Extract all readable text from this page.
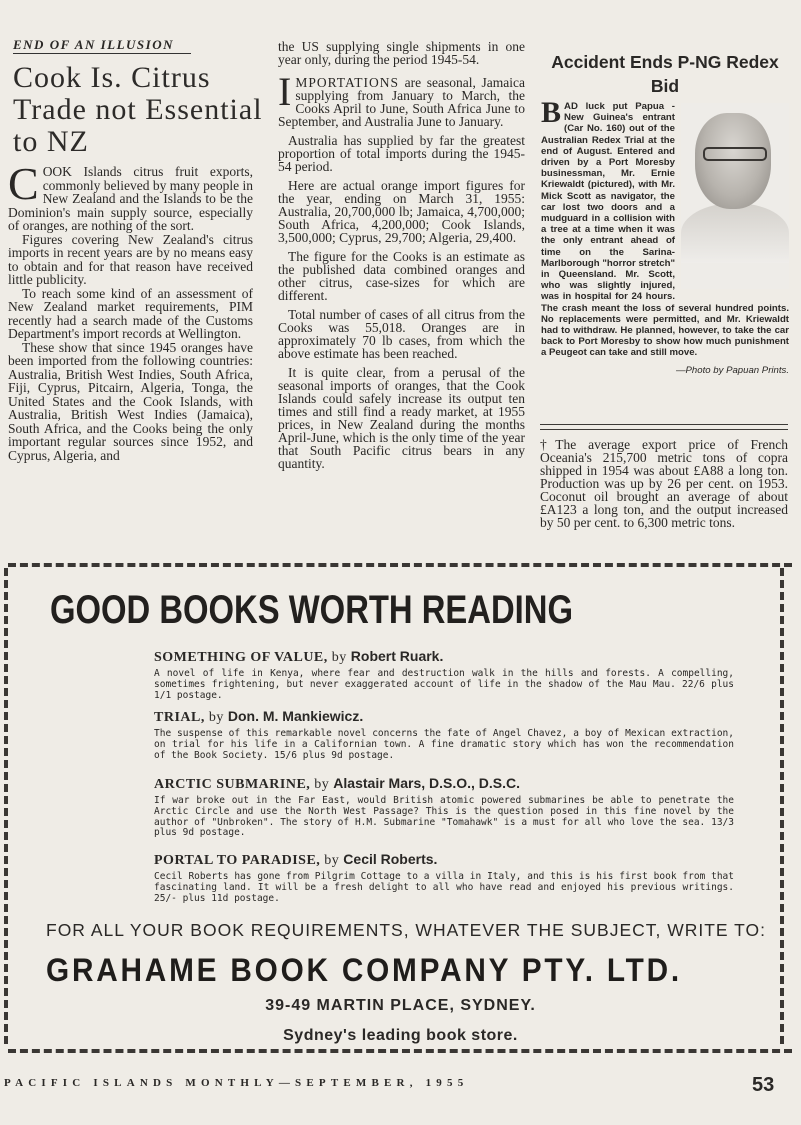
END OF AN ILLUSION
Cook Is. Citrus Trade not Essential to NZ

COOK Islands citrus fruit exports, commonly believed by many people in New Zealand and the Islands to be the Dominion's main supply source, especially of oranges, are nothing of the sort.

Figures covering New Zealand's citrus imports in recent years are by no means easy to obtain and for that reason have received little publicity.

To reach some kind of an assessment of New Zealand market requirements, PIM recently had a search made of the Customs Department's import records at Wellington.

These show that since 1945 oranges have been imported from the following countries: Australia, British West Indies, South Africa, Fiji, Cyprus, Pitcairn, Algeria, Tonga, the United States and the Cook Islands, with Australia, British West Indies (Jamaica), South Africa, and the Cooks being the only important regular sources since 1952, and Cyprus, Algeria, and

the US supplying single shipments in one year only, during the period 1945-54.

IMPORTATIONS are seasonal, Jamaica supplying from January to March, the Cooks April to June, South Africa June to September, and Australia June to January.

Australia has supplied by far the greatest proportion of total imports during the 1945-54 period.

Here are actual orange import figures for the year, ending on March 31, 1955: Australia, 20,700,000 lb; Jamaica, 4,700,000; South Africa, 4,200,000; Cook Islands, 3,500,000; Cyprus, 29,700; Algeria, 29,400.

The figure for the Cooks is an estimate as the published data combined oranges and other citrus, case-sizes for which are different.

Total number of cases of all citrus from the Cooks was 55,018. Oranges are in approximately 70 lb cases, from which the above estimate has been reached.

It is quite clear, from a perusal of the seasonal imports of oranges, that the Cook Islands could safely increase its output ten times and still find a ready market, at 1955 prices, in New Zealand during the months April-June, which is the only time of the year that South Pacific citrus bears in any quantity.

Accident Ends P-NG Redex Bid
BAD luck put Papua - New Guinea's entrant (Car No. 160) out of the Australian Redex Trial at the end of August. Entered and driven by a Port Moresby businessman, Mr. Ernie Kriewaldt (pictured), with Mr. Mick Scott as navigator, the car lost two doors and a mudguard in a collision with a tree at a time when it was the only entrant ahead of time on the Sarina-Marlborough "horror stretch" in Queensland. Mr. Scott, who was slightly injured, was in hospital for 24 hours. The crash meant the loss of several hundred points. No replacements were permitted, and Mr. Kriewaldt had to withdraw. He planned, however, to take the car back to Port Moresby to show how much punishment a Peugeot can take and still move.
—Photo by Papuan Prints.
†The average export price of French Oceania's 215,700 metric tons of copra shipped in 1954 was about £A88 a long ton. Production was up by 26 per cent. on 1953. Coconut oil brought an average of about £A123 a long ton, and the output increased by 50 per cent. to 6,300 metric tons.
GOOD BOOKS WORTH READING
SOMETHING OF VALUE, by Robert Ruark.
A novel of life in Kenya, where fear and destruction walk in the hills and forests. A compelling, sometimes frightening, but never exaggerated account of life in the shadow of the Mau Mau. 22/6 plus 1/1 postage.
TRIAL, by Don. M. Mankiewicz.
The suspense of this remarkable novel concerns the fate of Angel Chavez, a boy of Mexican extraction, on trial for his life in a Californian town. A fine dramatic story which has won the recommendation of the Book Society. 15/6 plus 9d postage.
ARCTIC SUBMARINE, by Alastair Mars, D.S.O., D.S.C.
If war broke out in the Far East, would British atomic powered submarines be able to penetrate the Arctic Circle and use the North West Passage? This is the question posed in this fine novel by the author of "Unbroken". The story of H.M. Submarine "Tomahawk" is a must for all who love the sea. 13/3 plus 9d postage.
PORTAL TO PARADISE, by Cecil Roberts.
Cecil Roberts has gone from Pilgrim Cottage to a villa in Italy, and this is his first book from that fascinating land. It will be a fresh delight to all who have read and enjoyed his previous writings. 25/- plus 11d postage.
FOR ALL YOUR BOOK REQUIREMENTS, WHATEVER THE SUBJECT, WRITE TO:
GRAHAME BOOK COMPANY PTY. LTD.
39-49 MARTIN PLACE, SYDNEY.
Sydney's leading book store.
PACIFIC ISLANDS MONTHLY—SEPTEMBER, 1955	53
